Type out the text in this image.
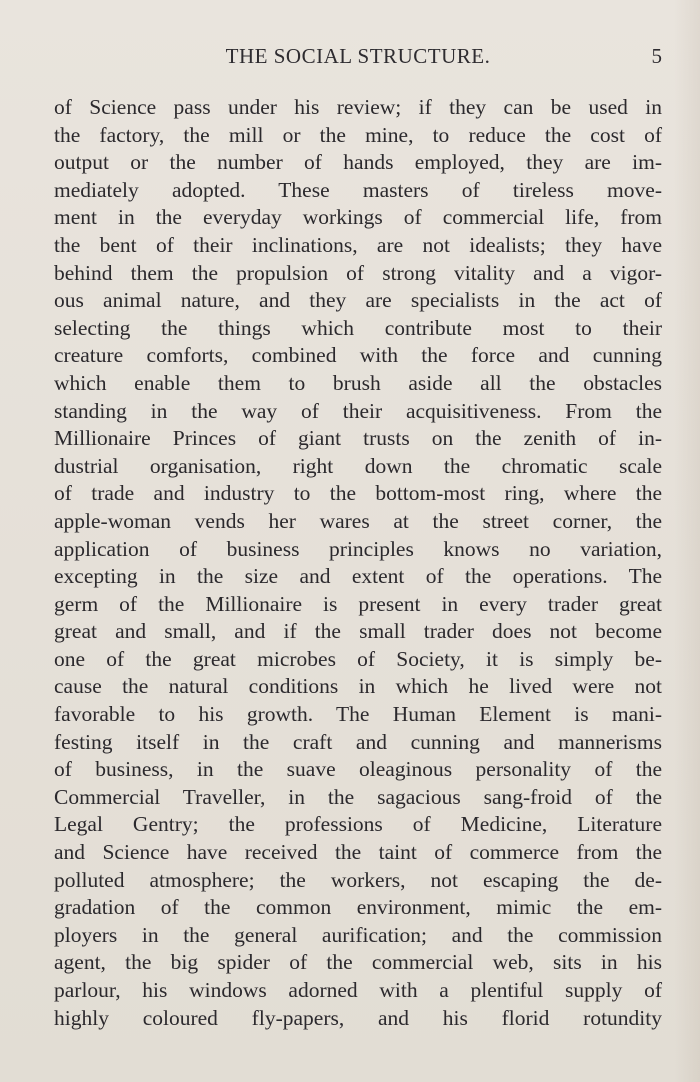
THE SOCIAL STRUCTURE.	5
of Science pass under his review; if they can be used in
the factory, the mill or the mine, to reduce the cost of
output or the number of hands employed, they are im-
mediately adopted. These masters of tireless move-
ment in the everyday workings of commercial life, from
the bent of their inclinations, are not idealists; they have
behind them the propulsion of strong vitality and a vigor-
ous animal nature, and they are specialists in the act of
selecting the things which contribute most to their
creature comforts, combined with the force and cunning
which enable them to brush aside all the obstacles
standing in the way of their acquisitiveness. From the
Millionaire Princes of giant trusts on the zenith of in-
dustrial organisation, right down the chromatic scale
of trade and industry to the bottom-most ring, where the
apple-woman vends her wares at the street corner, the
application of business principles knows no variation,
excepting in the size and extent of the operations. The
germ of the Millionaire is present in every trader great
great and small, and if the small trader does not become
one of the great microbes of Society, it is simply be-
cause the natural conditions in which he lived were not
favorable to his growth. The Human Element is mani-
festing itself in the craft and cunning and mannerisms
of business, in the suave oleaginous personality of the
Commercial Traveller, in the sagacious sang-froid of the
Legal Gentry; the professions of Medicine, Literature
and Science have received the taint of commerce from the
polluted atmosphere; the workers, not escaping the de-
gradation of the common environment, mimic the em-
ployers in the general aurification; and the commission
agent, the big spider of the commercial web, sits in his
parlour, his windows adorned with a plentiful supply of
highly coloured fly-papers, and his florid rotundity
